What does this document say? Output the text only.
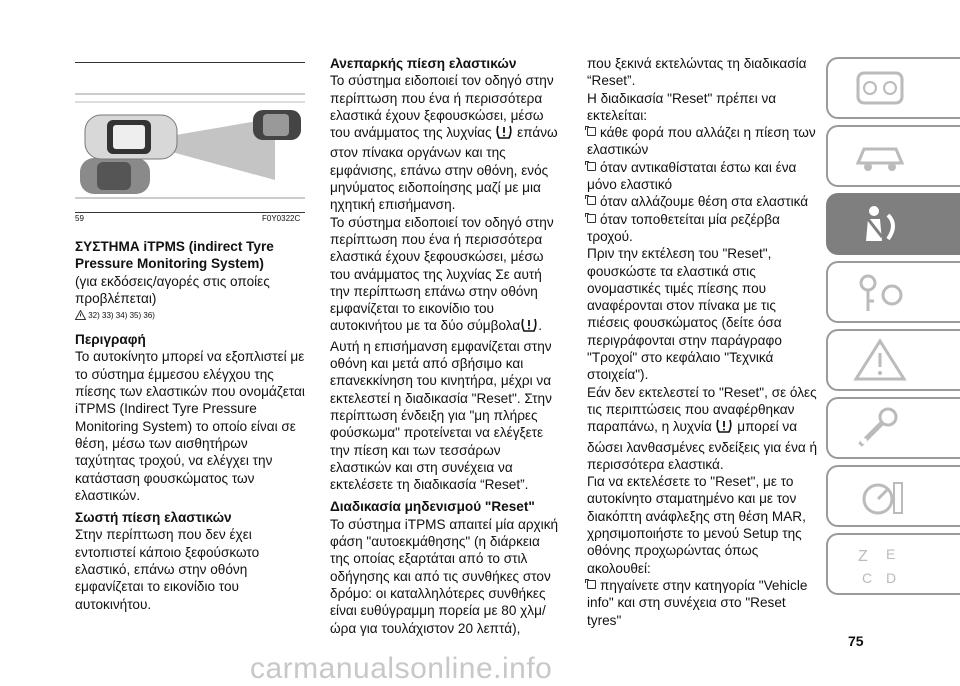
59	F0Y0322C

ΣΥΣΤΗΜΑ iTPMS (indirect Tyre Pressure Monitoring System)

(για εκδόσεις/αγορές στις οποίες προβλέπεται)

32) 33) 34) 35) 36)

Περιγραφή

Το αυτοκίνητο μπορεί να εξοπλιστεί με το σύστημα έμμεσου ελέγχου της πίεσης των ελαστικών που ονομάζεται iTPMS (Indirect Tyre Pressure Monitoring System) το οποίο είναι σε θέση, μέσω των αισθητήρων ταχύτητας τροχού, να ελέγχει την κατάσταση φουσκώματος των ελαστικών.

Σωστή πίεση ελαστικών

Στην περίπτωση που δεν έχει εντοπιστεί κάποιο ξεφούσκωτο ελαστικό, επάνω στην οθόνη εμφανίζεται το εικονίδιο του αυτοκινήτου.

Ανεπαρκής πίεση ελαστικών

Το σύστημα ειδοποιεί τον οδηγό στην περίπτωση που ένα ή περισσότερα ελαστικά έχουν ξεφουσκώσει, μέσω του ανάμματος της λυχνίας επάνω στον πίνακα οργάνων και της εμφάνισης, επάνω στην οθόνη, ενός μηνύματος ειδοποίησης μαζί με μια ηχητική επισήμανση.

Το σύστημα ειδοποιεί τον οδηγό στην περίπτωση που ένα ή περισσότερα ελαστικά έχουν ξεφουσκώσει, μέσω του ανάμματος της λυχνίας Σε αυτή την περίπτωση επάνω στην οθόνη εμφανίζεται το εικονίδιο του αυτοκινήτου με τα δύο σύμβολα .

Αυτή η επισήμανση εμφανίζεται στην οθόνη και μετά από σβήσιμο και επανεκκίνηση του κινητήρα, μέχρι να εκτελεστεί η διαδικασία "Reset". Στην περίπτωση ένδειξη για "μη πλήρες φούσκωμα" προτείνεται να ελέγξετε την πίεση και των τεσσάρων ελαστικών και στη συνέχεια να εκτελέσετε τη διαδικασία “Reset”.

Διαδικασία μηδενισμού "Reset"

Το σύστημα iTPMS απαιτεί μία αρχική φάση "αυτοεκμάθησης" (η διάρκεια της οποίας εξαρτάται από το στιλ οδήγησης και από τις συνθήκες στον δρόμο: οι καταλληλότερες συνθήκες είναι ευθύγραμμη πορεία με 80 χλμ/ώρα για τουλάχιστον 20 λεπτά),

που ξεκινά εκτελώντας τη διαδικασία “Reset”.

Η διαδικασία "Reset" πρέπει να εκτελείται:

κάθε φορά που αλλάζει η πίεση των ελαστικών

όταν αντικαθίσταται έστω και ένα μόνο ελαστικό

όταν αλλάζουμε θέση στα ελαστικά

όταν τοποθετείται μία ρεζέρβα τροχού.

Πριν την εκτέλεση του "Reset", φουσκώστε τα ελαστικά στις ονομαστικές τιμές πίεσης που αναφέρονται στον πίνακα με τις πιέσεις φουσκώματος (δείτε όσα περιγράφονται στην παράγραφο "Τροχοί" στο κεφάλαιο "Τεχνικά στοιχεία").

Εάν δεν εκτελεστεί το "Reset", σε όλες τις περιπτώσεις που αναφέρθηκαν παραπάνω, η λυχνία μπορεί να δώσει λανθασμένες ενδείξεις για ένα ή περισσότερα ελαστικά.

Για να εκτελέσετε το "Reset", με το αυτοκίνητο σταματημένο και με τον διακόπτη ανάφλεξης στη θέση MAR, χρησιμοποιήστε το μενού Setup της οθόνης προχωρώντας όπως ακολουθεί:

πηγαίνετε στην κατηγορία "Vehicle info" και στη συνέχεια στο "Reset tyres"

Z E
C D
75
carmanualsonline.info
